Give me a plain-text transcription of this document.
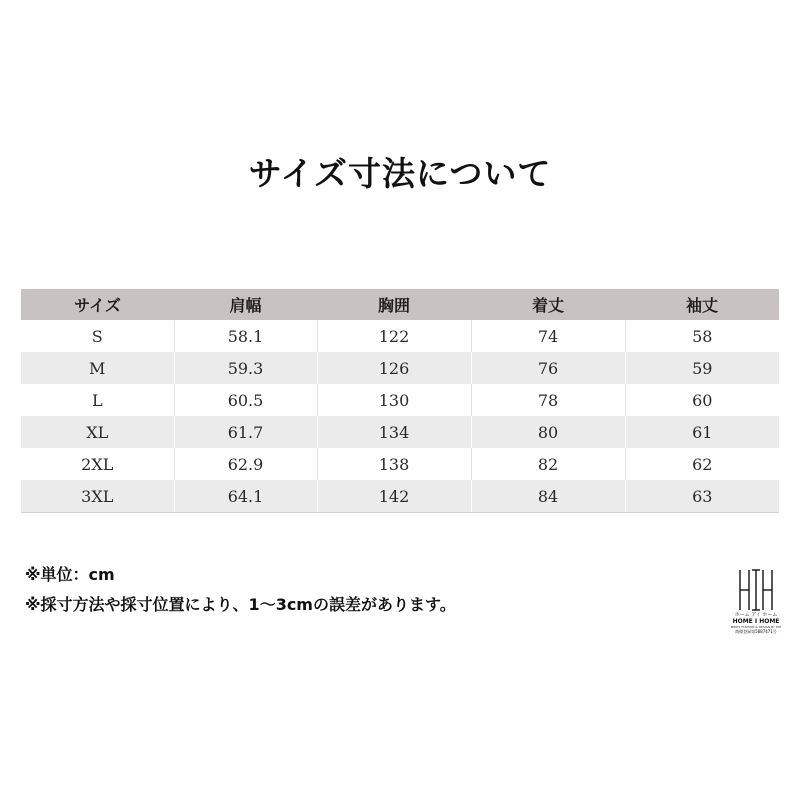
サイズ寸法について
サイズ	肩幅	胸囲	着丈	袖丈
S	58.1	122	74	58
M	59.3	126	76	59
L	60.5	130	78	60
XL	61.7	134	80	61
2XL	62.9	138	82	62
3XL	64.1	142	84	63
※単位：cm
※採寸方法や採寸位置により、1～3cmの誤差があります。
ホーム アイ ホーム
HOME I HOME
MEN'S FASHION & DESIGN BY HIH
商標登録第5887471号
